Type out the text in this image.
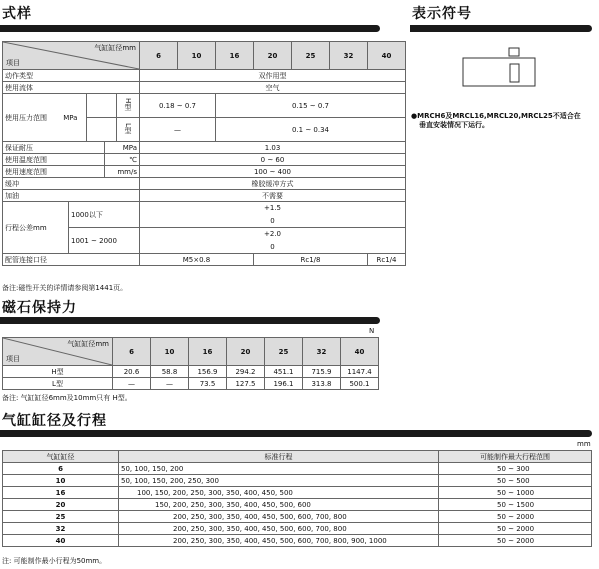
式样
气缸缸径mm
项目					6	10	16	20	25	32	40
动作类型					双作用型						
使用流体					空气						
使用压力范围 MPa				H型	0.18 ~ 0.7		0.15 ~ 0.7				
				L型	—		0.1 ~ 0.34				
保证耐压			MPa		1.03						
使用温度范围			℃		0 ~ 60						
使用速度范围			mm/s		100 ~ 400						
缓冲					橡胶缓冲方式						
加油					不需要						
行程公差mm	1000以下				+1.5						
					0						
	1001 ~ 2000				+2.0						
					0						
配管连接口径					M5×0.8			Rc1/8			Rc1/4
备注:磁性开关的详情请参阅第1441页。
表示符号
●MRCH6及MRCL16,MRCL20,MRCL25不适合在
垂直安装情况下运行。
磁石保持力
N
气缸缸径mm
项目	6	10	16	20	25	32	40
H型	20.6	58.8	156.9	294.2	451.1	715.9	1147.4
L型	—	—	73.5	127.5	196.1	313.8	500.1
备注: 气缸缸径6mm及10mm只有 H型。
气缸缸径及行程
mm
气缸缸径	标准行程	可能制作最大行程范围
6	50, 100, 150, 200	50 ~ 300
10	50, 100, 150, 200, 250, 300	50 ~ 500
16	100, 150, 200, 250, 300, 350, 400, 450, 500	50 ~ 1000
20	150, 200, 250, 300, 350, 400, 450, 500, 600	50 ~ 1500
25	200, 250, 300, 350, 400, 450, 500, 600, 700, 800	50 ~ 2000
32	200, 250, 300, 350, 400, 450, 500, 600, 700, 800	50 ~ 2000
40	200, 250, 300, 350, 400, 450, 500, 600, 700, 800, 900, 1000	50 ~ 2000
注: 可能制作最小行程为50mm。
